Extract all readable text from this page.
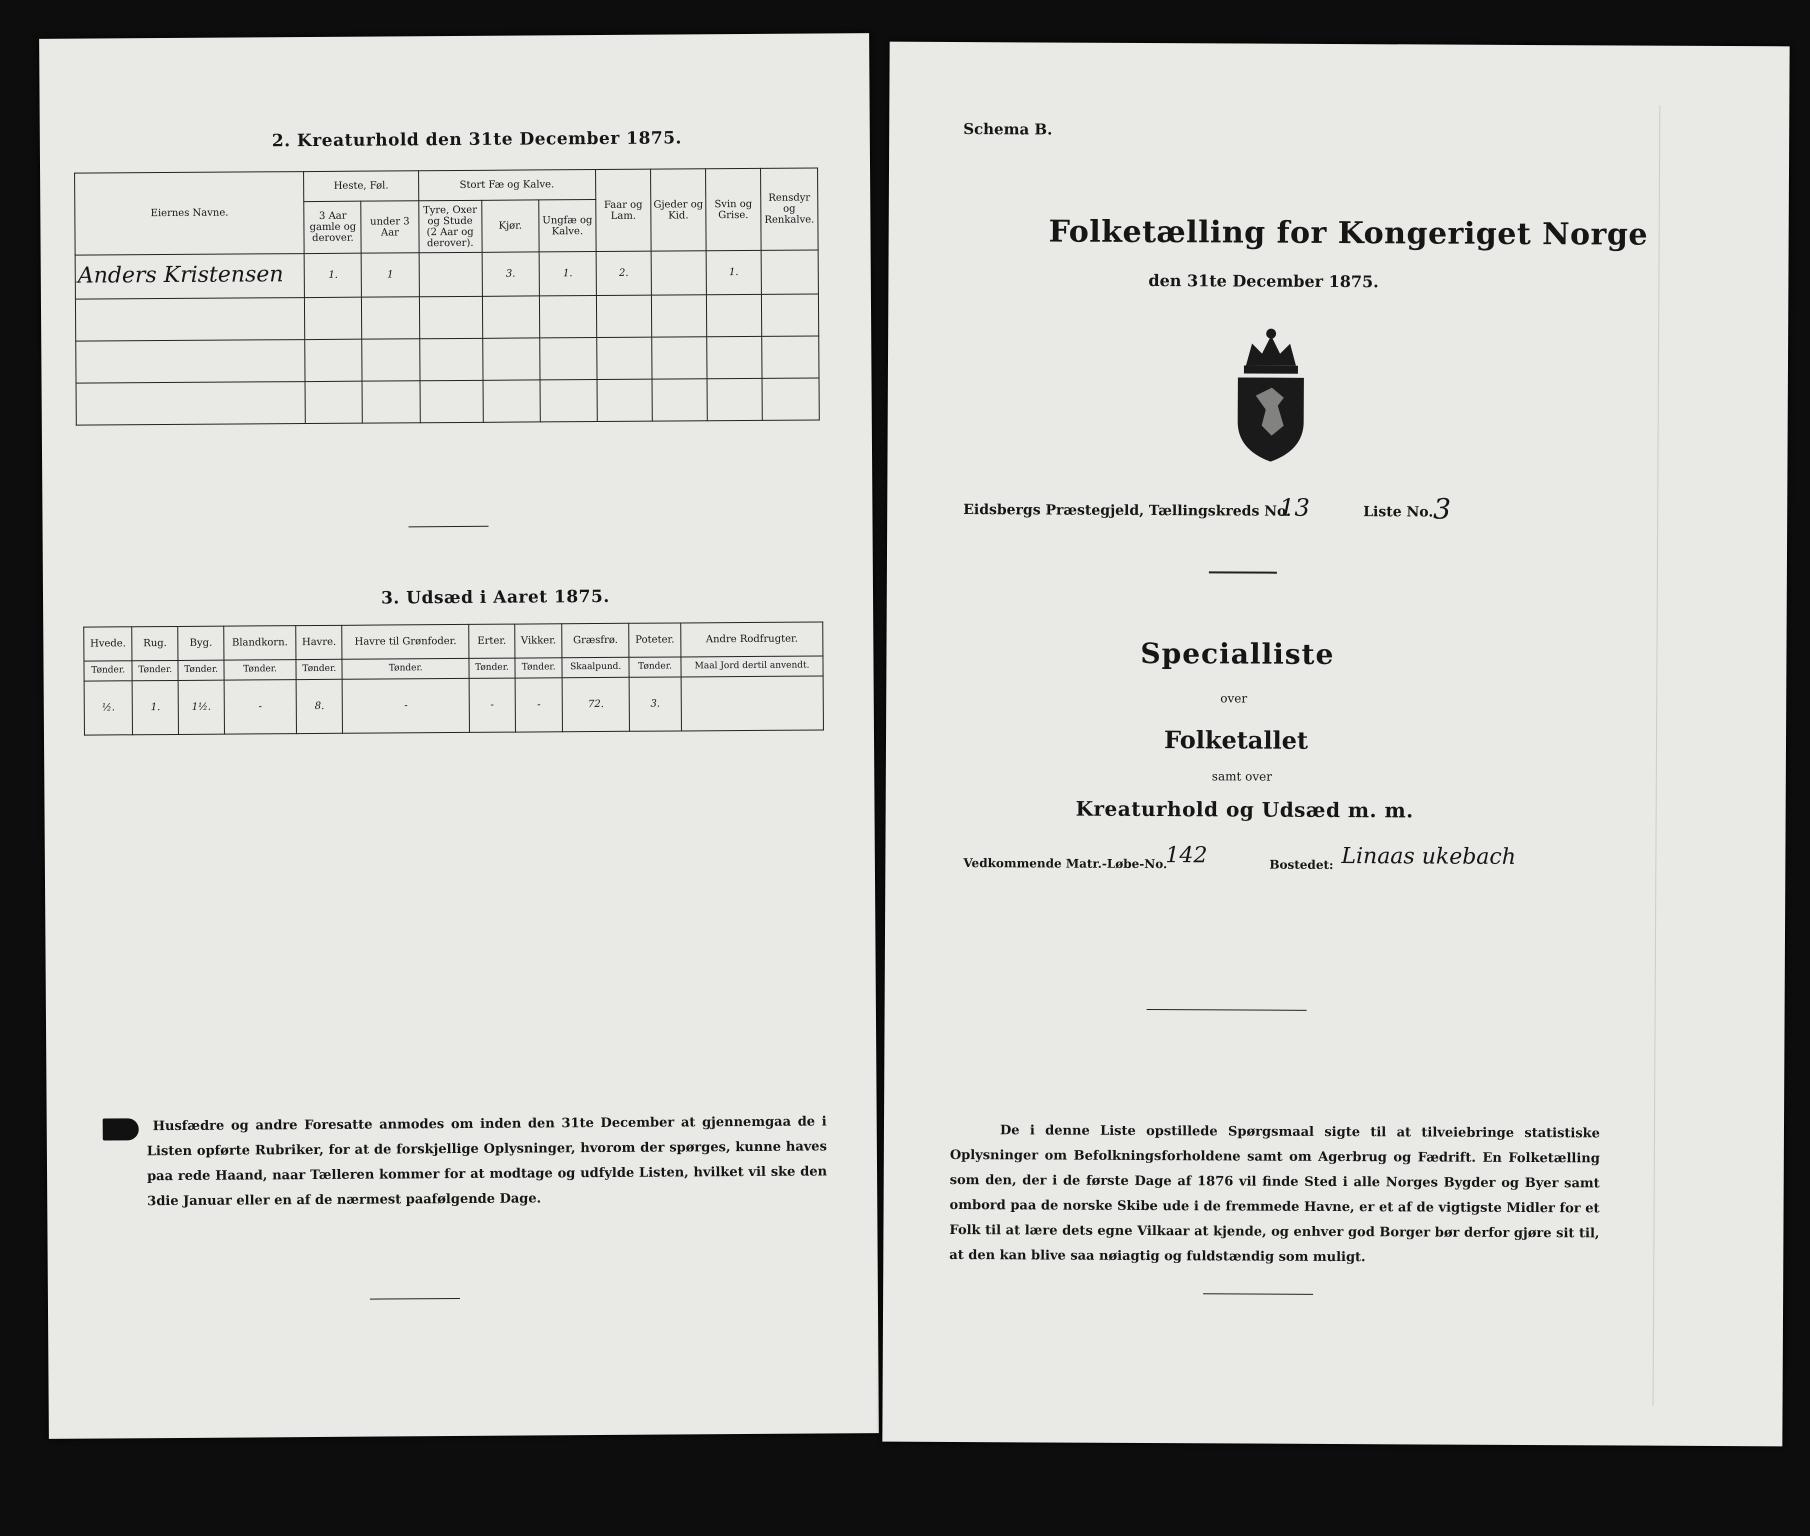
2. Kreaturhold den 31te December 1875.
Eiernes Navne.	Heste, Føl.		Stort Fæ og Kalve.			Faar og Lam.	Gjeder og Kid.	Svin og Grise.	Rensdyr og Renkalve.
	3 Aar gamle og derover.	under 3 Aar	Tyre, Oxer og Stude (2 Aar og derover).	Kjør.	Ungfæ og Kalve.				
Anders Kristensen	1.	1		3.	1.	2.		1.	

3. Udsæd i Aaret 1875.
Hvede.	Rug.	Byg.	Blandkorn.	Havre.	Havre til Grønfoder.	Erter.	Vikker.	Græsfrø.	Poteter.	Andre Rodfrugter.
Tønder.	Tønder.	Tønder.	Tønder.	Tønder.	Tønder.	Tønder.	Tønder.	Skaalpund.	Tønder.	Maal Jord dertil anvendt.
½.	1.	1½.	-	8.	-	-	-	72.	3.	
Husfædre og andre Foresatte anmodes om inden den 31te December at gjennemgaa de i Listen opførte Rubriker, for at de forskjellige Oplysninger, hvorom der spørges, kunne haves paa rede Haand, naar Tælleren kommer for at modtage og udfylde Listen, hvilket vil ske den 3die Januar eller en af de nærmest paafølgende Dage.
Schema B.
Folketælling for Kongeriget Norge
den 31te December 1875.
Eidsbergs Præstegjeld, Tællingskreds No.
13	Liste No. 3
Specialliste
over
Folketallet
samt over
Kreaturhold og Udsæd m. m.
Vedkommende Matr.-Løbe-No.
142	Bostedet: Linaas ukebach
De i denne Liste opstillede Spørgsmaal sigte til at tilveiebringe statistiske Oplysninger om Befolkningsforholdene samt om Agerbrug og Fædrift. En Folketælling som den, der i de første Dage af 1876 vil finde Sted i alle Norges Bygder og Byer samt ombord paa de norske Skibe ude i de fremmede Havne, er et af de vigtigste Midler for et Folk til at lære dets egne Vilkaar at kjende, og enhver god Borger bør derfor gjøre sit til, at den kan blive saa nøiagtig og fuldstændig som muligt.
